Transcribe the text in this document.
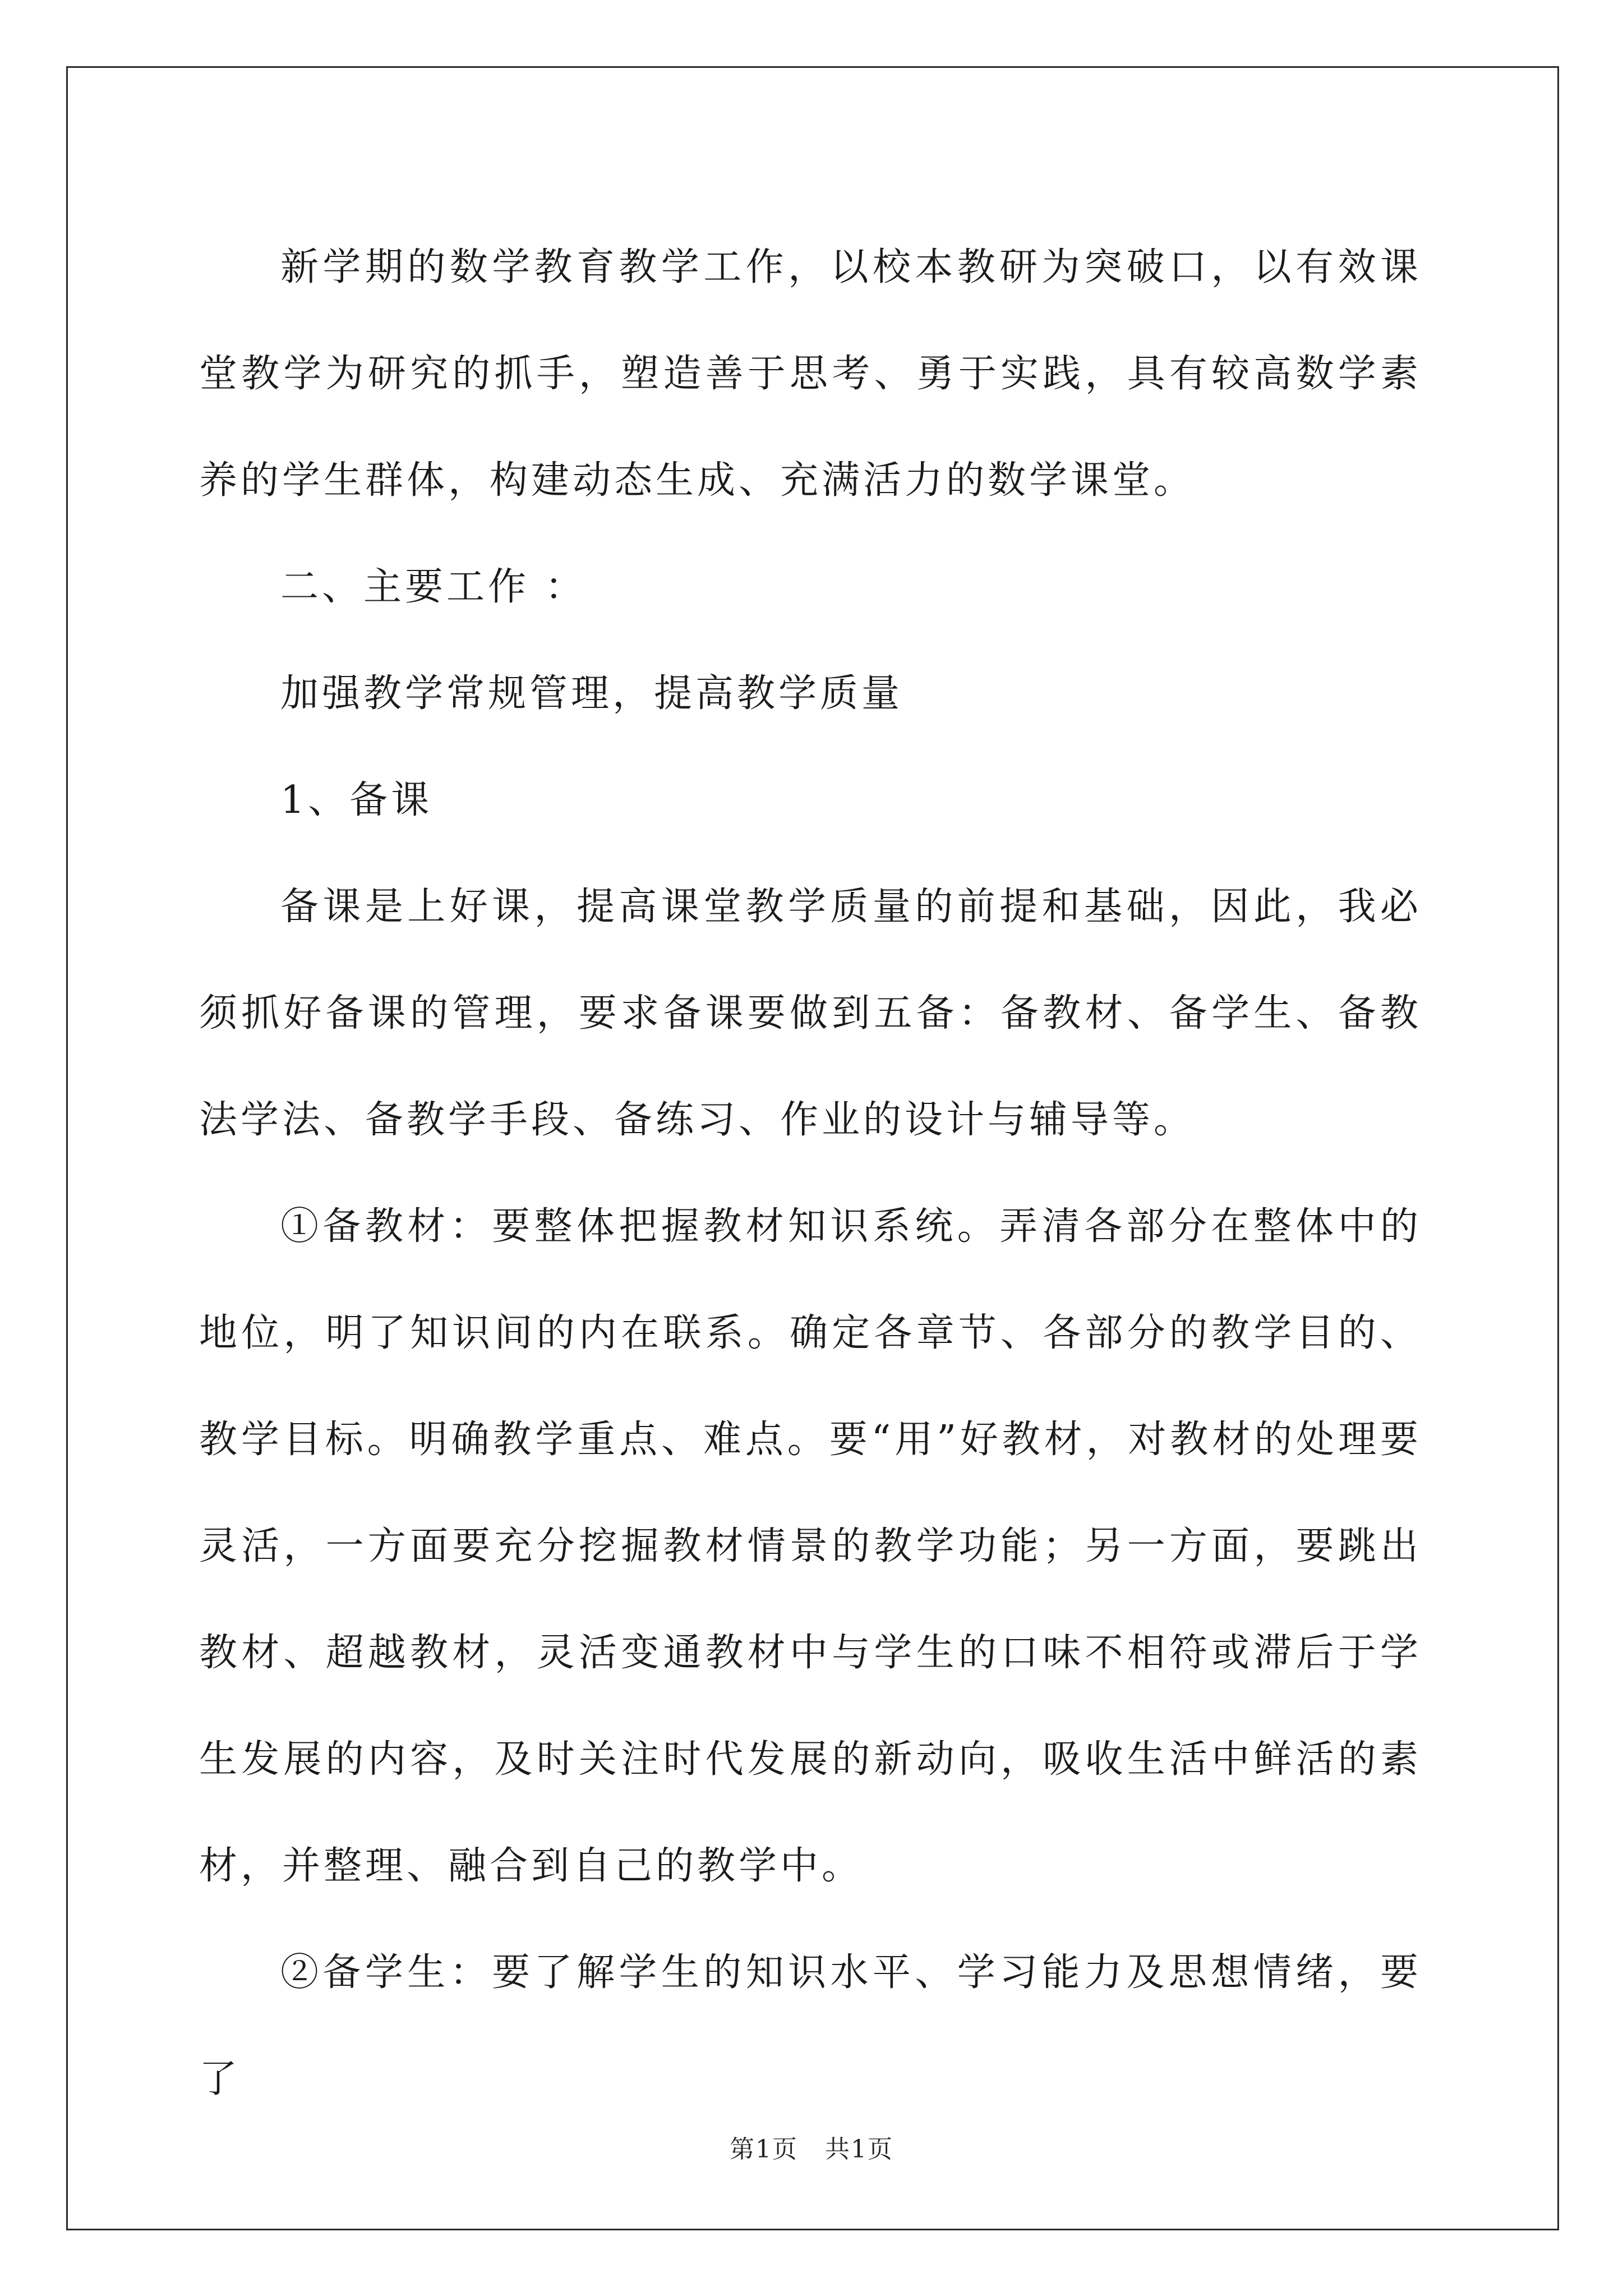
新学期的数学教育教学工作，以校本教研为突破口，以有效课堂教学为研究的抓手，塑造善于思考、勇于实践，具有较高数学素养的学生群体，构建动态生成、充满活力的数学课堂。

二、主要工作 ：

加强教学常规管理，提高教学质量

1、备课

备课是上好课，提高课堂教学质量的前提和基础，因此，我必须抓好备课的管理，要求备课要做到五备：备教材、备学生、备教法学法、备教学手段、备练习、作业的设计与辅导等。

①备教材：要整体把握教材知识系统。弄清各部分在整体中的地位，明了知识间的内在联系。确定各章节、各部分的教学目的、教学目标。明确教学重点、难点。要“用”好教材，对教材的处理要灵活，一方面要充分挖掘教材情景的教学功能；另一方面，要跳出教材、超越教材，灵活变通教材中与学生的口味不相符或滞后于学生发展的内容，及时关注时代发展的新动向，吸收生活中鲜活的素材，并整理、融合到自己的教学中。

②备学生：要了解学生的知识水平、学习能力及思想情绪，要了

第1页 共1页
